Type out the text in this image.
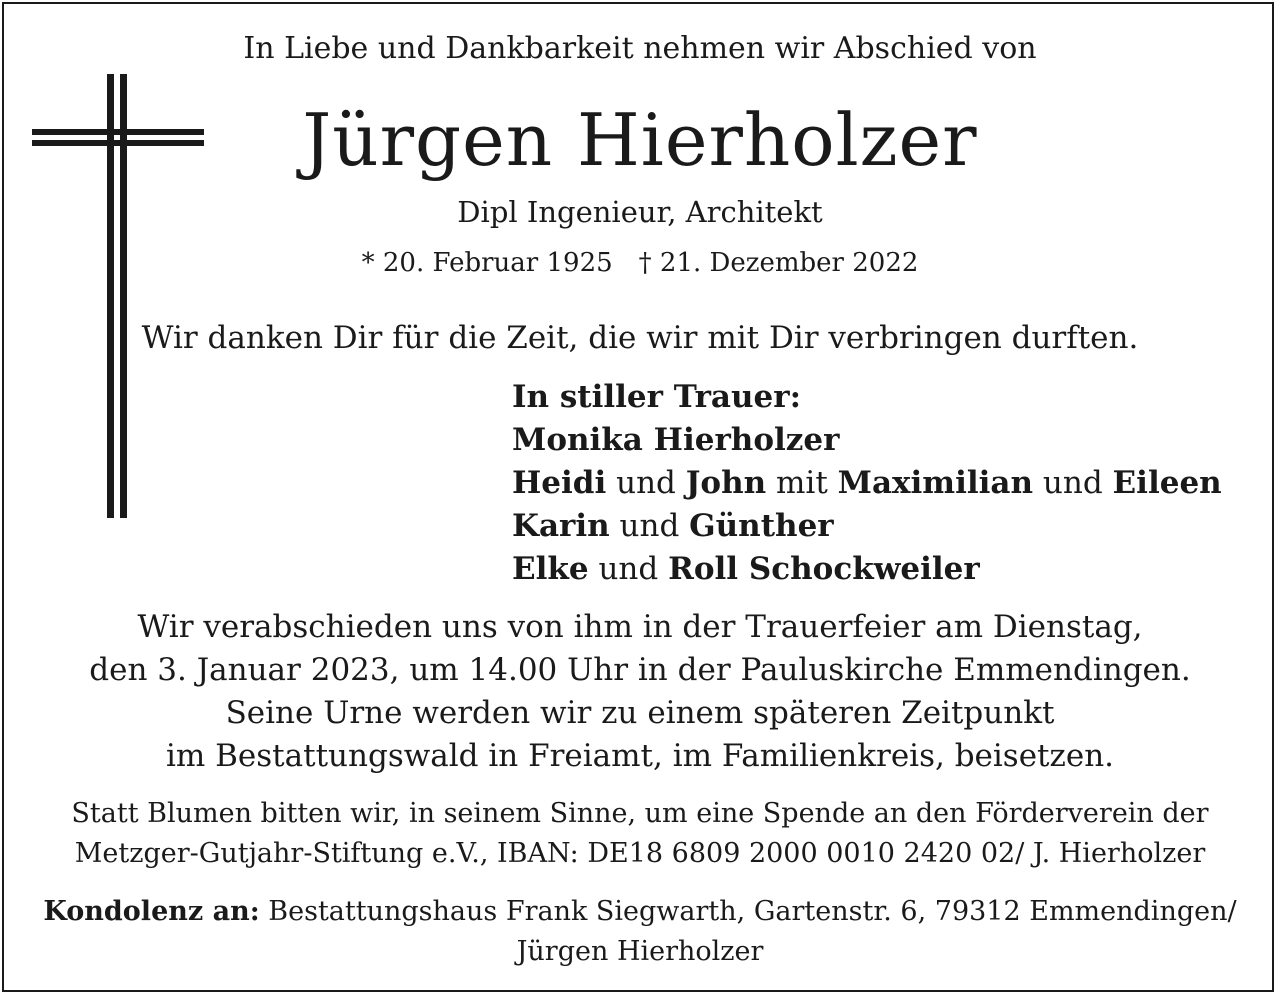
In Liebe und Dankbarkeit nehmen wir Abschied von
Jürgen Hierholzer
Dipl Ingenieur, Architekt
* 20. Februar 1925 † 21. Dezember 2022
Wir danken Dir für die Zeit, die wir mit Dir verbringen durften.
In stiller Trauer:
Monika Hierholzer
Heidi und John mit Maximilian und Eileen
Karin und Günther
Elke und Roll Schockweiler
Wir verabschieden uns von ihm in der Trauerfeier am Dienstag,
den 3. Januar 2023, um 14.00 Uhr in der Pauluskirche Emmendingen.
Seine Urne werden wir zu einem späteren Zeitpunkt
im Bestattungswald in Freiamt, im Familienkreis, beisetzen.
Statt Blumen bitten wir, in seinem Sinne, um eine Spende an den Förderverein der
Metzger-Gutjahr-Stiftung e.V., IBAN: DE18 6809 2000 0010 2420 02/ J. Hierholzer
Kondolenz an: Bestattungshaus Frank Siegwarth, Gartenstr. 6, 79312 Emmendingen/
Jürgen Hierholzer
